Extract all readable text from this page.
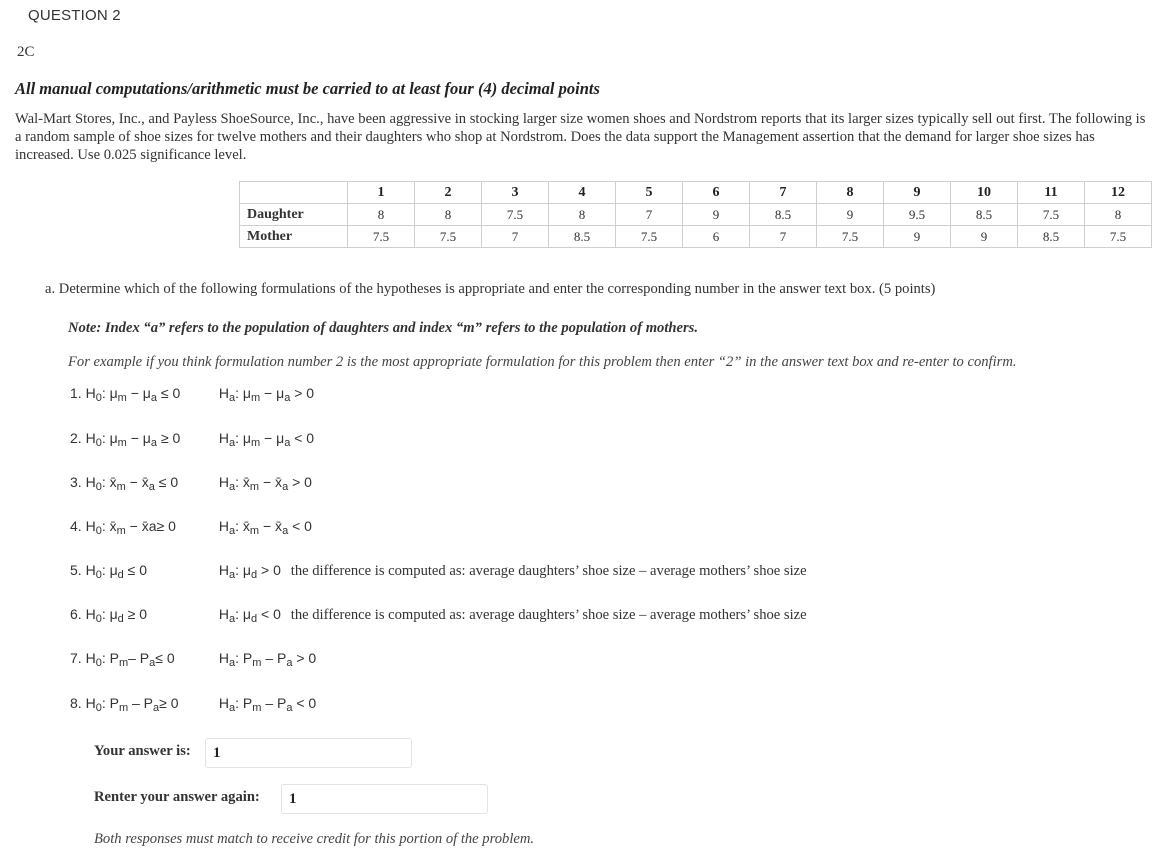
QUESTION 2
2C
All manual computations/arithmetic must be carried to at least four (4) decimal points
Wal-Mart Stores, Inc., and Payless ShoeSource, Inc., have been aggressive in stocking larger size women shoes and Nordstrom reports that its larger sizes typically sell out first. The following is a random sample of shoe sizes for twelve mothers and their daughters who shop at Nordstrom. Does the data support the Management assertion that the demand for larger shoe sizes has increased. Use 0.025 significance level.
	1	2	3	4	5	6	7	8	9	10	11	12
Daughter	8	8	7.5	8	7	9	8.5	9	9.5	8.5	7.5	8
Mother	7.5	7.5	7	8.5	7.5	6	7	7.5	9	9	8.5	7.5
a. Determine which of the following formulations of the hypotheses is appropriate and enter the corresponding number in the answer text box. (5 points)
Note: Index “a” refers to the population of daughters and index “m” refers to the population of mothers.
For example if you think formulation number 2 is the most appropriate formulation for this problem then enter “2” in the answer text box and re-enter to confirm.
1. $H_0$: $\mu_m - \mu_a \le 0$	$H_a$: $\mu_m - \mu_a > 0$
2. $H_0$: $\mu_m - \mu_a \ge 0$	$H_a$: $\mu_m - \mu_a < 0$
3. $H_0$: $x̄_m$ − $x̄_a \le 0$	$H_a$: $x̄_m$ − $x̄_a > 0$
4. $H_0$: $x̄_m$ − x̄a≥ 0	$H_a$: $x̄_m$ − $x̄_a < 0$
5. $H_0$: $\mu_d \le 0$	$H_a$: $\mu_d > 0$ the difference is computed as: average daughters’ shoe size – average mothers’ shoe size
6. $H_0$: $\mu_d \ge 0$	$H_a$: $\mu_d < 0$ the difference is computed as: average daughters’ shoe size – average mothers’ shoe size
7. $H_0$: $P_m-$ $P_a\le 0$	$H_a$: $P_m - P_a > 0$
8. $H_0$: $P_m - P_a\ge 0$	$H_a$: $P_m - P_a < 0$
Your answer is:	1
Renter your answer again:	1
Both responses must match to receive credit for this portion of the problem.
